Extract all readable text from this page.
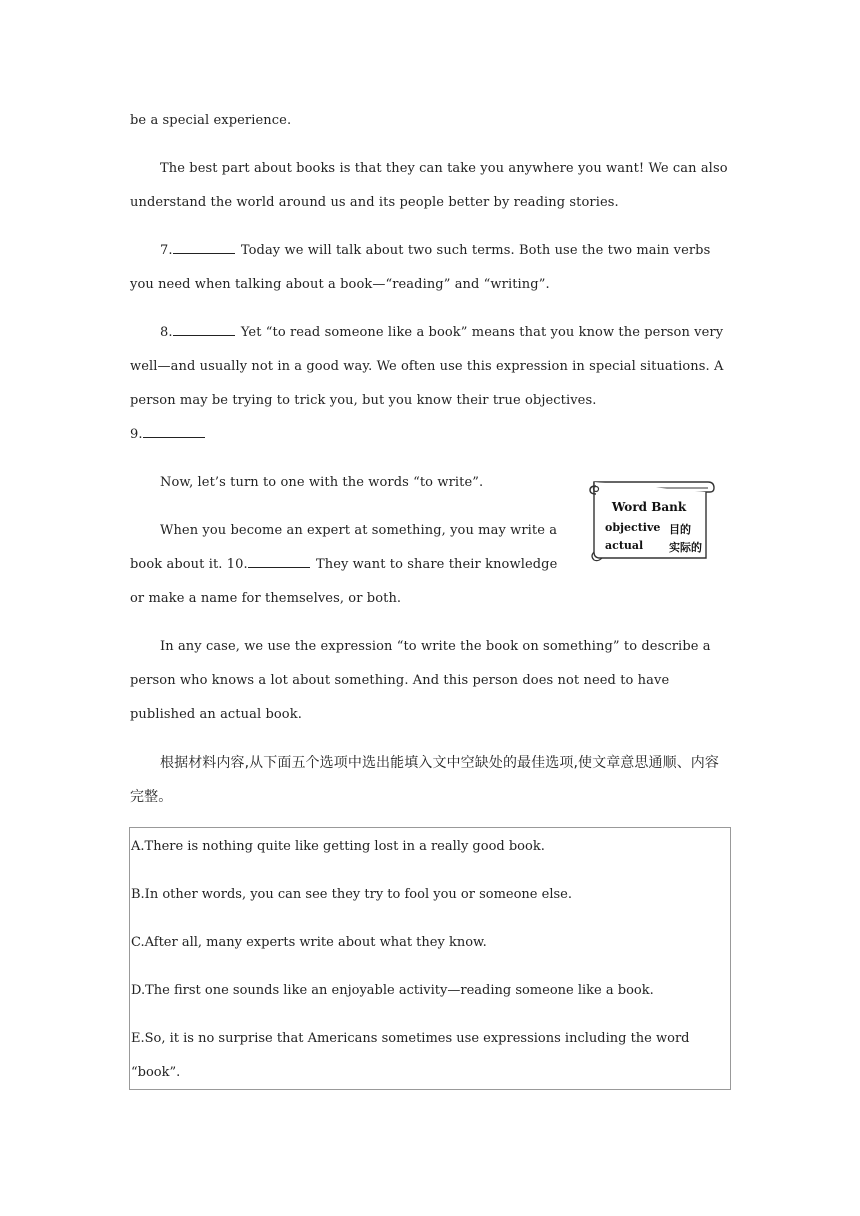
be a special experience.

The best part about books is that they can take you anywhere you want! We can also understand the world around us and its people better by reading stories.

7.	Today we will talk about two such terms. Both use the two main verbs you need when talking about a book—“reading” and “writing”.

8.	Yet “to read someone like a book” means that you know the person very well—and usually not in a good way. We often use this expression in special situations. A person may be trying to trick you, but you know their true objectives.
9.

Now, let’s turn to one with the words “to write”.

When you become an expert at something, you may write a book about it. 10.	They want to share their knowledge or make a name for themselves, or both.

Word Bank
objective 目的
actual 实际的

In any case, we use the expression “to write the book on something” to describe a person who knows a lot about something. And this person does not need to have published an actual book.

根据材料内容,从下面五个选项中选出能填入文中空缺处的最佳选项,使文章意思通顺、内容完整。

A.There is nothing quite like getting lost in a really good book.

B.In other words, you can see they try to fool you or someone else.

C.After all, many experts write about what they know.

D.The first one sounds like an enjoyable activity—reading someone like a book.

E.So, it is no surprise that Americans sometimes use expressions including the word “book”.
